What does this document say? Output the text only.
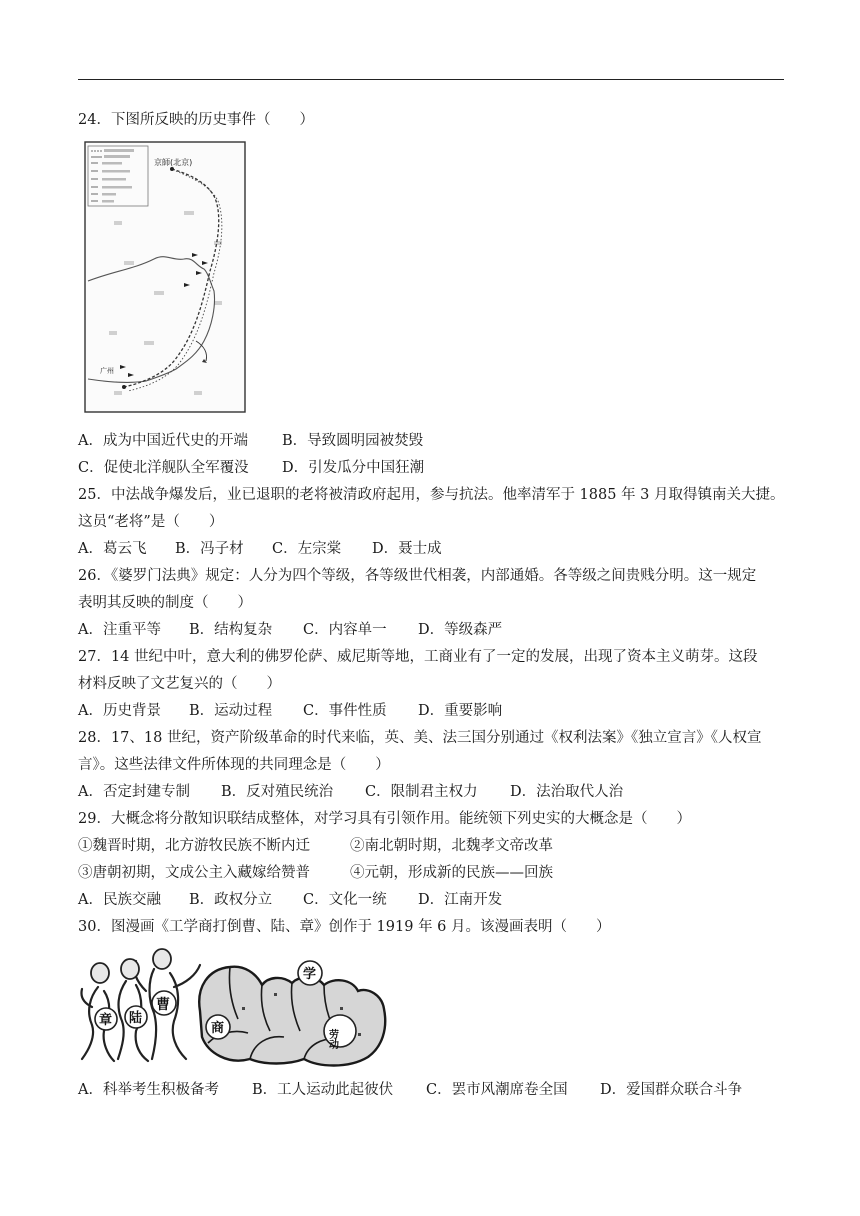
24．下图所反映的历史事件（　　）
京師(北京)
广州
A．成为中国近代史的开端 B．导致圆明园被焚毁
C．促使北洋舰队全军覆没 D．引发瓜分中国狂潮
25．中法战争爆发后，业已退职的老将被清政府起用，参与抗法。他率清军于 1885 年 3 月取得镇南关大捷。
这员“老将”是（　　）
A．葛云飞 B．冯子材 C．左宗棠 D．聂士成
26．《婆罗门法典》规定：人分为四个等级，各等级世代相袭，内部通婚。各等级之间贵贱分明。这一规定
表明其反映的制度（　　）
A．注重平等 B．结构复杂 C．内容单一 D．等级森严
27．14 世纪中叶，意大利的佛罗伦萨、威尼斯等地，工商业有了一定的发展，出现了资本主义萌芽。这段
材料反映了文艺复兴的（　　）
A．历史背景 B．运动过程 C．事件性质 D．重要影响
28．17、18 世纪，资产阶级革命的时代来临，英、美、法三国分别通过《权利法案》《独立宣言》《人权宣
言》。这些法律文件所体现的共同理念是（　　）
A．否定封建专制 B．反对殖民统治 C．限制君主权力 D．法治取代人治
29．大概念将分散知识联结成整体，对学习具有引领作用。能统领下列史实的大概念是（　　）
①魏晋时期，北方游牧民族不断内迁	②南北朝时期，北魏孝文帝改革
③唐朝初期，文成公主入藏嫁给赞普	④元朝，形成新的民族——回族
A．民族交融 B．政权分立 C．文化一统 D．江南开发
30．图漫画《工学商打倒曹、陆、章》创作于 1919 年 6 月。该漫画表明（　　）
章 陆
曹
商
学
劳动
A．科举考生积极备考 B．工人运动此起彼伏 C．罢市风潮席卷全国 D．爱国群众联合斗争
